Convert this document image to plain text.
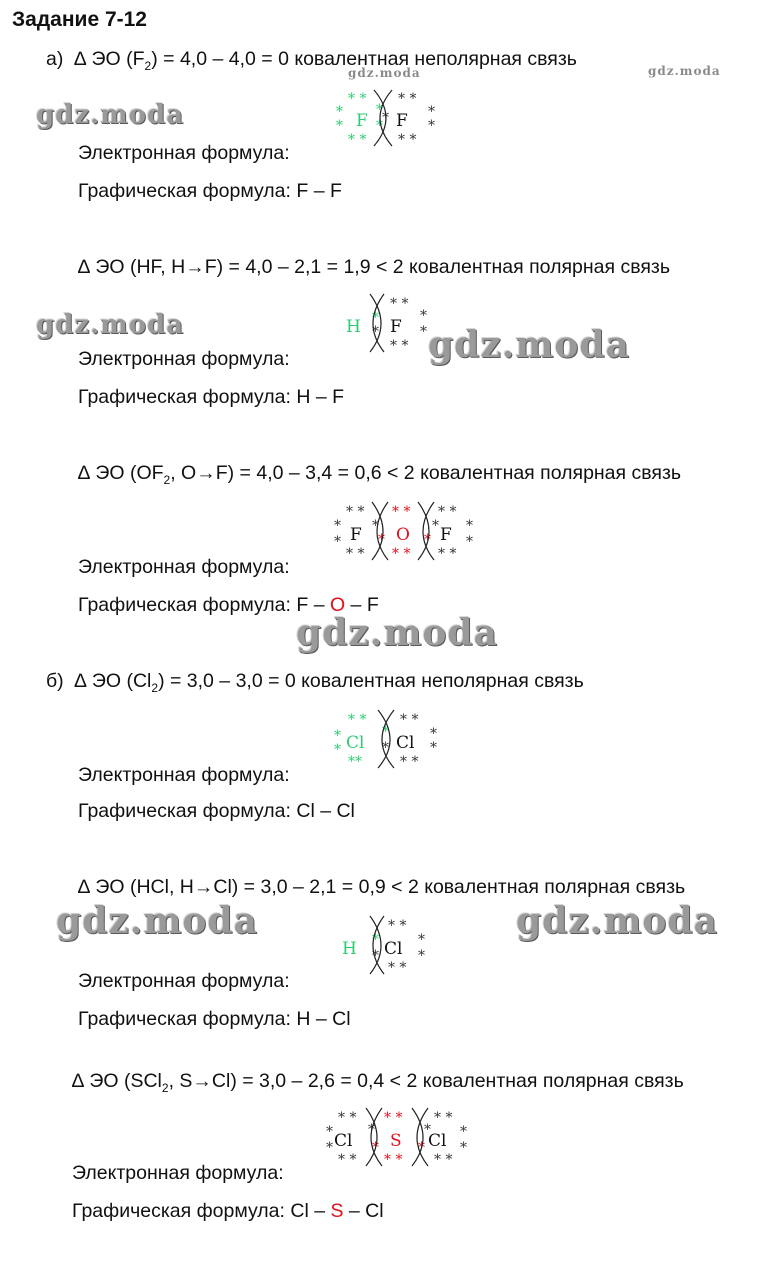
Задание 7-12
gdz.moda	gdz.moda
gdz.moda
gdz.moda	gdz.moda
gdz.moda
gdz.moda	gdz.moda
а) ∆ ЭО $(F_2) = 4,0 - 4,0 = 0$ ковалентная неполярная связь
* *
*
*
* *
*
*
F F
* *
*
*
* *
*
Электронная формула:
Графическая формула: F – F
∆ ЭО (HF, H→F) = 4,0 – 2,1 = 1,9 < 2 ковалентная полярная связь
H F
*
*
* *
*
*
* *
Электронная формула:
Графическая формула: H – F
∆ ЭО ($OF_2$, O→F) = 4,0 – 3,4 = 0,6 < 2 ковалентная полярная связь
* *
*
*
* *
*	*
* *
*
*
* *
* *
*	*
* *
F O F
Электронная формула:
Графическая формула: F – O – F
б) ∆ ЭО $(Cl_2) = 3,0 - 3,0 = 0$ ковалентная неполярная связь
* *
*
*
**
*
*
* *
*
*
* *
Cl Cl
Электронная формула:
Графическая формула: Cl – Cl
∆ ЭО (HCl, H→Cl) = 3,0 – 2,1 = 0,9 < 2 ковалентная полярная связь
H Cl
*
*
* *
*
*
* *
Электронная формула:
Графическая формула: H – Cl
∆ ЭО (SCl$_2$, S→Cl) = 3,0 – 2,6 = 0,4 < 2 ковалентная полярная связь
* *
*
*
* *
*	*
* *
*
*
* *
* *
*	*
* *
Cl S Cl
Электронная формула:
Графическая формула: Cl – S – Cl
